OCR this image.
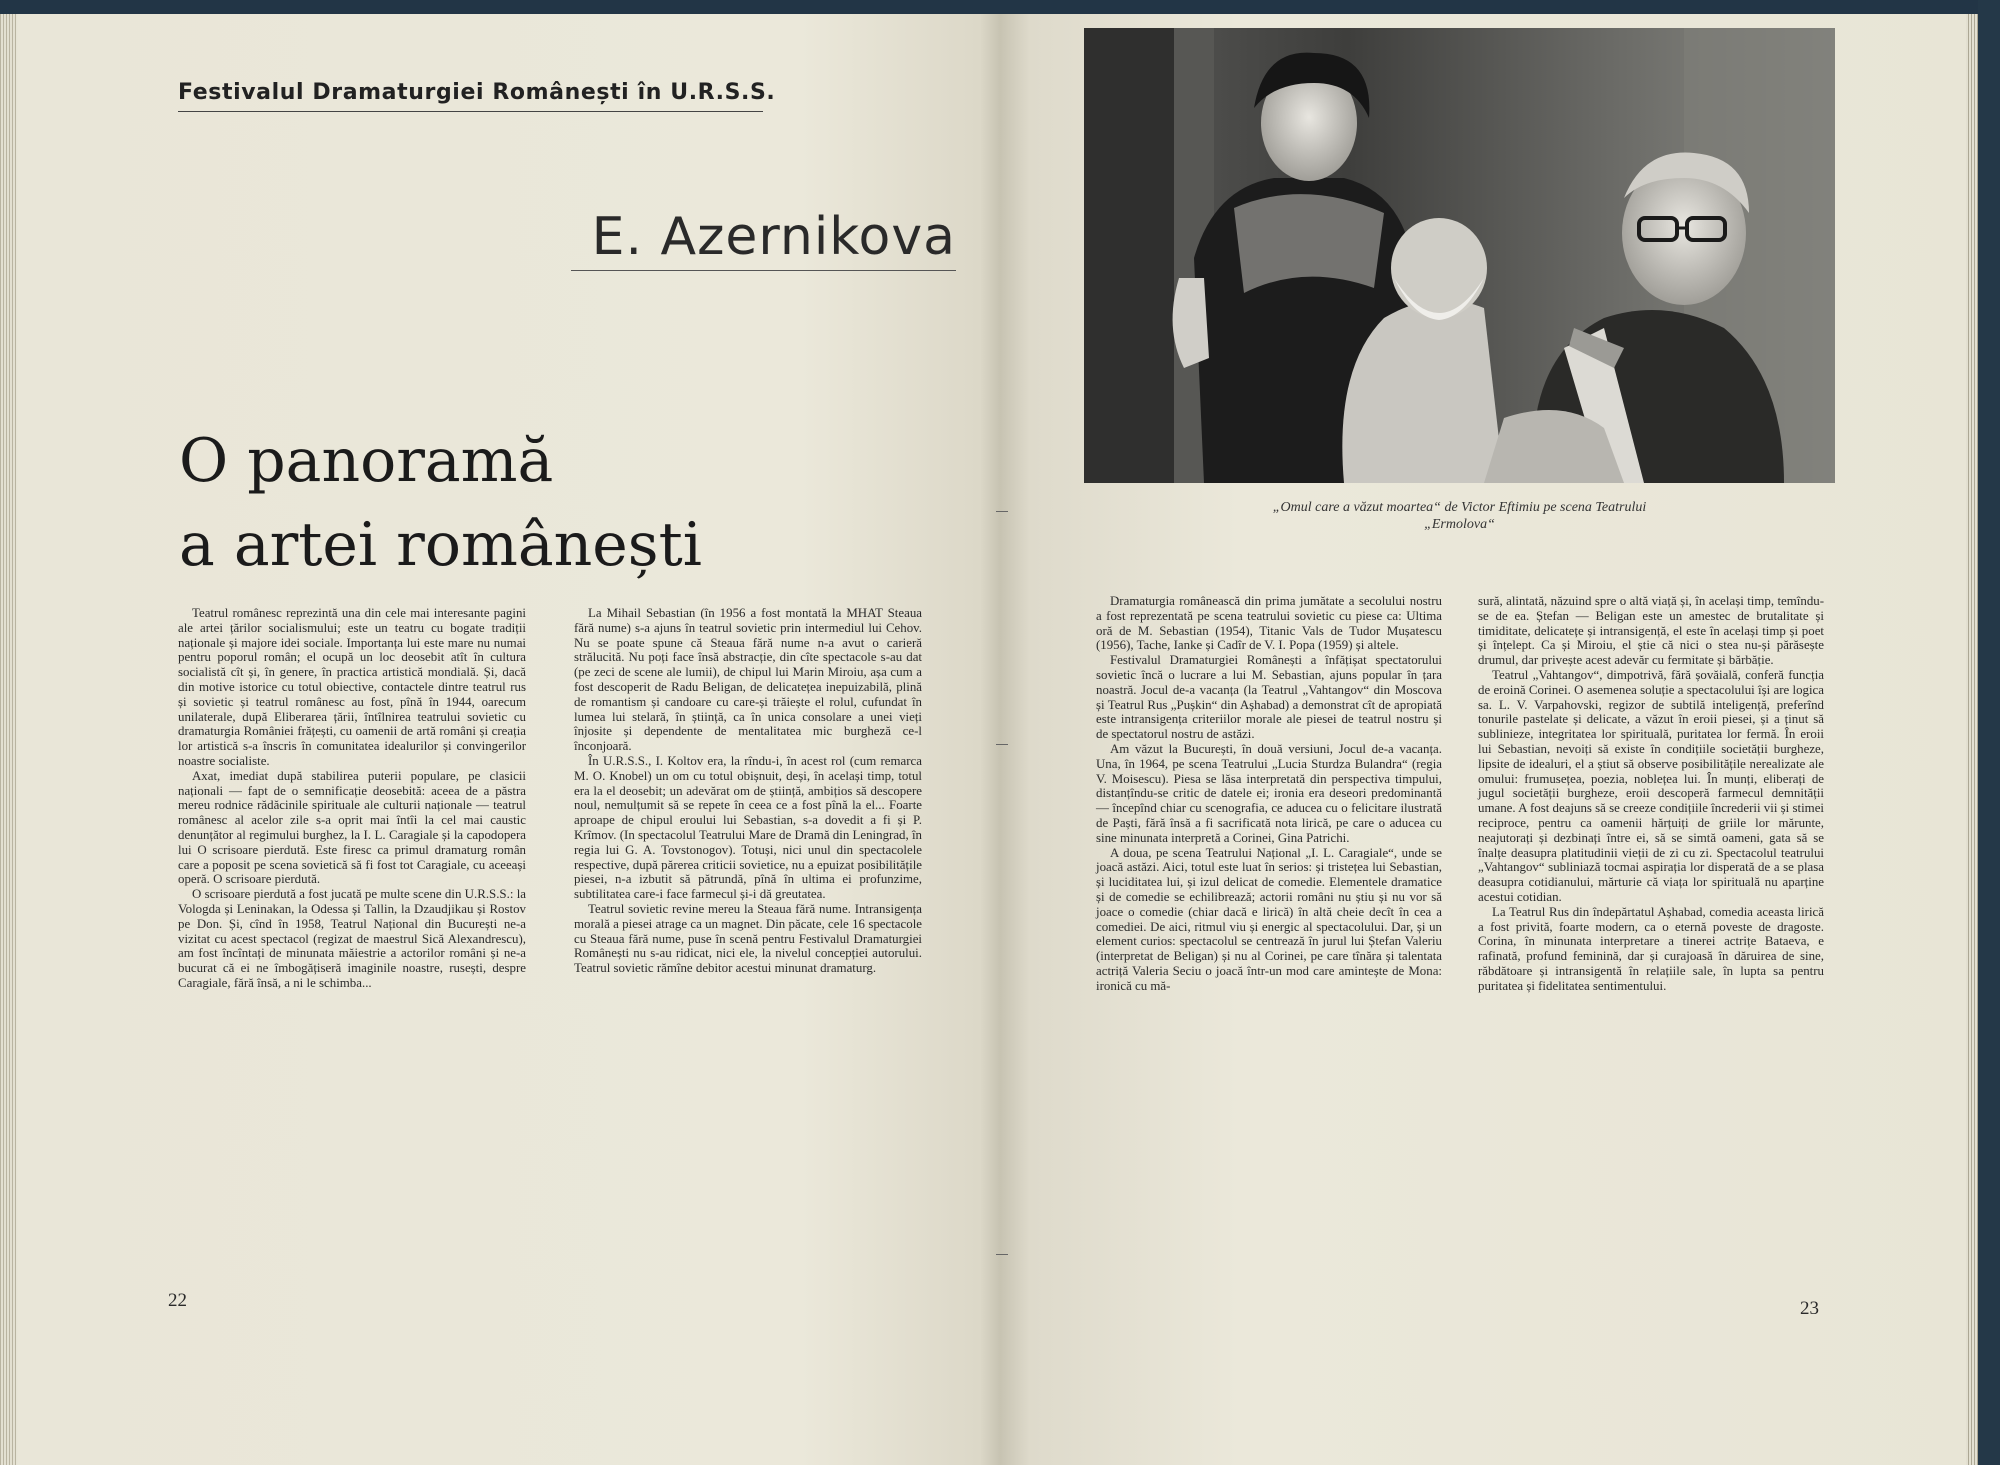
Festivalul Dramaturgiei Românești în U.R.S.S.
E. Azernikova
O panoramă
a artei românești

Teatrul românesc reprezintă una din cele mai interesante pagini ale artei țărilor socialismului; este un teatru cu bogate tradiții naționale și majore idei sociale. Importanța lui este mare nu numai pentru poporul român; el ocupă un loc deosebit atît în cultura socialistă cît și, în genere, în practica artistică mondială. Și, dacă din motive istorice cu totul obiective, contactele dintre teatrul rus și sovietic și teatrul românesc au fost, pînă în 1944, oarecum unilaterale, după Eliberarea țării, întîlnirea teatrului sovietic cu dramaturgia României frățești, cu oamenii de artă români și creația lor artistică s-a înscris în comunitatea idealurilor și convingerilor noastre socialiste.

Axat, imediat după stabilirea puterii populare, pe clasicii naționali — fapt de o semnificație deosebită: aceea de a păstra mereu rodnice rădăcinile spirituale ale culturii naționale — teatrul românesc al acelor zile s-a oprit mai întîi la cel mai caustic denunțător al regimului burghez, la I. L. Caragiale și la capodopera lui O scrisoare pierdută. Este firesc ca primul dramaturg român care a poposit pe scena sovietică să fi fost tot Caragiale, cu aceeași operă. O scrisoare pierdută.

O scrisoare pierdută a fost jucată pe multe scene din U.R.S.S.: la Vologda și Leninakan, la Odessa și Tallin, la Dzaudjikau și Rostov pe Don. Și, cînd în 1958, Teatrul Național din București ne-a vizitat cu acest spectacol (regizat de maestrul Sică Alexandrescu), am fost încîntați de minunata măiestrie a actorilor români și ne-a bucurat că ei ne îmbogățiseră imaginile noastre, rusești, despre Caragiale, fără însă, a ni le schimba...

La Mihail Sebastian (în 1956 a fost montată la MHAT Steaua fără nume) s-a ajuns în teatrul sovietic prin intermediul lui Cehov. Nu se poate spune că Steaua fără nume n-a avut o carieră strălucită. Nu poți face însă abstracție, din cîte spectacole s-au dat (pe zeci de scene ale lumii), de chipul lui Marin Miroiu, așa cum a fost descoperit de Radu Beligan, de delicatețea inepuizabilă, plină de romantism și candoare cu care-și trăiește el rolul, cufundat în lumea lui stelară, în știință, ca în unica consolare a unei vieți înjosite și dependente de mentalitatea mic burgheză ce-l înconjoară.

În U.R.S.S., I. Koltov era, la rîndu-i, în acest rol (cum remarca M. O. Knobel) un om cu totul obișnuit, deși, în același timp, totul era la el deosebit; un adevărat om de știință, ambițios să descopere noul, nemulțumit să se repete în ceea ce a fost pînă la el... Foarte aproape de chipul eroului lui Sebastian, s-a dovedit a fi și P. Krîmov. (In spectacolul Teatrului Mare de Dramă din Leningrad, în regia lui G. A. Tovstonogov). Totuși, nici unul din spectacolele respective, după părerea criticii sovietice, nu a epuizat posibilitățile piesei, n-a izbutit să pătrundă, pînă în ultima ei profunzime, subtilitatea care-i face farmecul și-i dă greutatea.

Teatrul sovietic revine mereu la Steaua fără nume. Intransigența morală a piesei atrage ca un magnet. Din păcate, cele 16 spectacole cu Steaua fără nume, puse în scenă pentru Festivalul Dramaturgiei Românești nu s-au ridicat, nici ele, la nivelul concepției autorului. Teatrul sovietic rămîne debitor acestui minunat dramaturg.

22
„Omul care a văzut moartea“ de Victor Eftimiu pe scena Teatrului
„Ermolova“

Dramaturgia românească din prima jumătate a secolului nostru a fost reprezentată pe scena teatrului sovietic cu piese ca: Ultima oră de M. Sebastian (1954), Titanic Vals de Tudor Mușatescu (1956), Tache, Ianke și Cadîr de V. I. Popa (1959) și altele.

Festivalul Dramaturgiei Românești a înfățișat spectatorului sovietic încă o lucrare a lui M. Sebastian, ajuns popular în țara noastră. Jocul de-a vacanța (la Teatrul „Vahtangov“ din Moscova și Teatrul Rus „Pușkin“ din Așhabad) a demonstrat cît de apropiată este intransigența criteriilor morale ale piesei de teatrul nostru și de spectatorul nostru de astăzi.

Am văzut la București, în două versiuni, Jocul de-a vacanța. Una, în 1964, pe scena Teatrului „Lucia Sturdza Bulandra“ (regia V. Moisescu). Piesa se lăsa interpretată din perspectiva timpului, distanțîndu-se critic de datele ei; ironia era deseori predominantă — începînd chiar cu scenografia, ce aducea cu o felicitare ilustrată de Paști, fără însă a fi sacrificată nota lirică, pe care o aducea cu sine minunata interpretă a Corinei, Gina Patrichi.

A doua, pe scena Teatrului Național „I. L. Caragiale“, unde se joacă astăzi. Aici, totul este luat în serios: și tristețea lui Sebastian, și luciditatea lui, și izul delicat de comedie. Elementele dramatice și de comedie se echilibrează; actorii români nu știu și nu vor să joace o comedie (chiar dacă e lirică) în altă cheie decît în cea a comediei. De aici, ritmul viu și energic al spectacolului. Dar, și un element curios: spectacolul se centrează în jurul lui Ștefan Valeriu (interpretat de Beligan) și nu al Corinei, pe care tînăra și talentata actriță Valeria Seciu o joacă într-un mod care amintește de Mona: ironică cu mă-

sură, alintată, năzuind spre o altă viață și, în același timp, temîndu-se de ea. Ștefan — Beligan este un amestec de brutalitate și timiditate, delicatețe și intransigență, el este în același timp și poet și înțelept. Ca și Miroiu, el știe că nici o stea nu-și părăsește drumul, dar privește acest adevăr cu fermitate și bărbăție.

Teatrul „Vahtangov“, dimpotrivă, fără șovăială, conferă funcția de eroină Corinei. O asemenea soluție a spectacolului își are logica sa. L. V. Varpahovski, regizor de subtilă inteligență, preferînd tonurile pastelate și delicate, a văzut în eroii piesei, și a ținut să sublinieze, integritatea lor spirituală, puritatea lor fermă. În eroii lui Sebastian, nevoiți să existe în condițiile societății burgheze, lipsite de idealuri, el a știut să observe posibilitățile nerealizate ale omului: frumusețea, poezia, noblețea lui. În munți, eliberați de jugul societății burgheze, eroii descoperă farmecul demnității umane. A fost deajuns să se creeze condițiile încrederii vii și stimei reciproce, pentru ca oamenii hărțuiți de griile lor mărunte, neajutorați și dezbinați între ei, să se simtă oameni, gata să se înalțe deasupra platitudinii vieții de zi cu zi. Spectacolul teatrului „Vahtangov“ subliniază tocmai aspirația lor disperată de a se plasa deasupra cotidianului, mărturie că viața lor spirituală nu aparține acestui cotidian.

La Teatrul Rus din îndepărtatul Așhabad, comedia aceasta lirică a fost privită, foarte modern, ca o eternă poveste de dragoste. Corina, în minunata interpretare a tinerei actrițe Bataeva, e rafinată, profund feminină, dar și curajoasă în dăruirea de sine, răbdătoare și intransigentă în relațiile sale, în lupta sa pentru puritatea și fidelitatea sentimentului.

23
